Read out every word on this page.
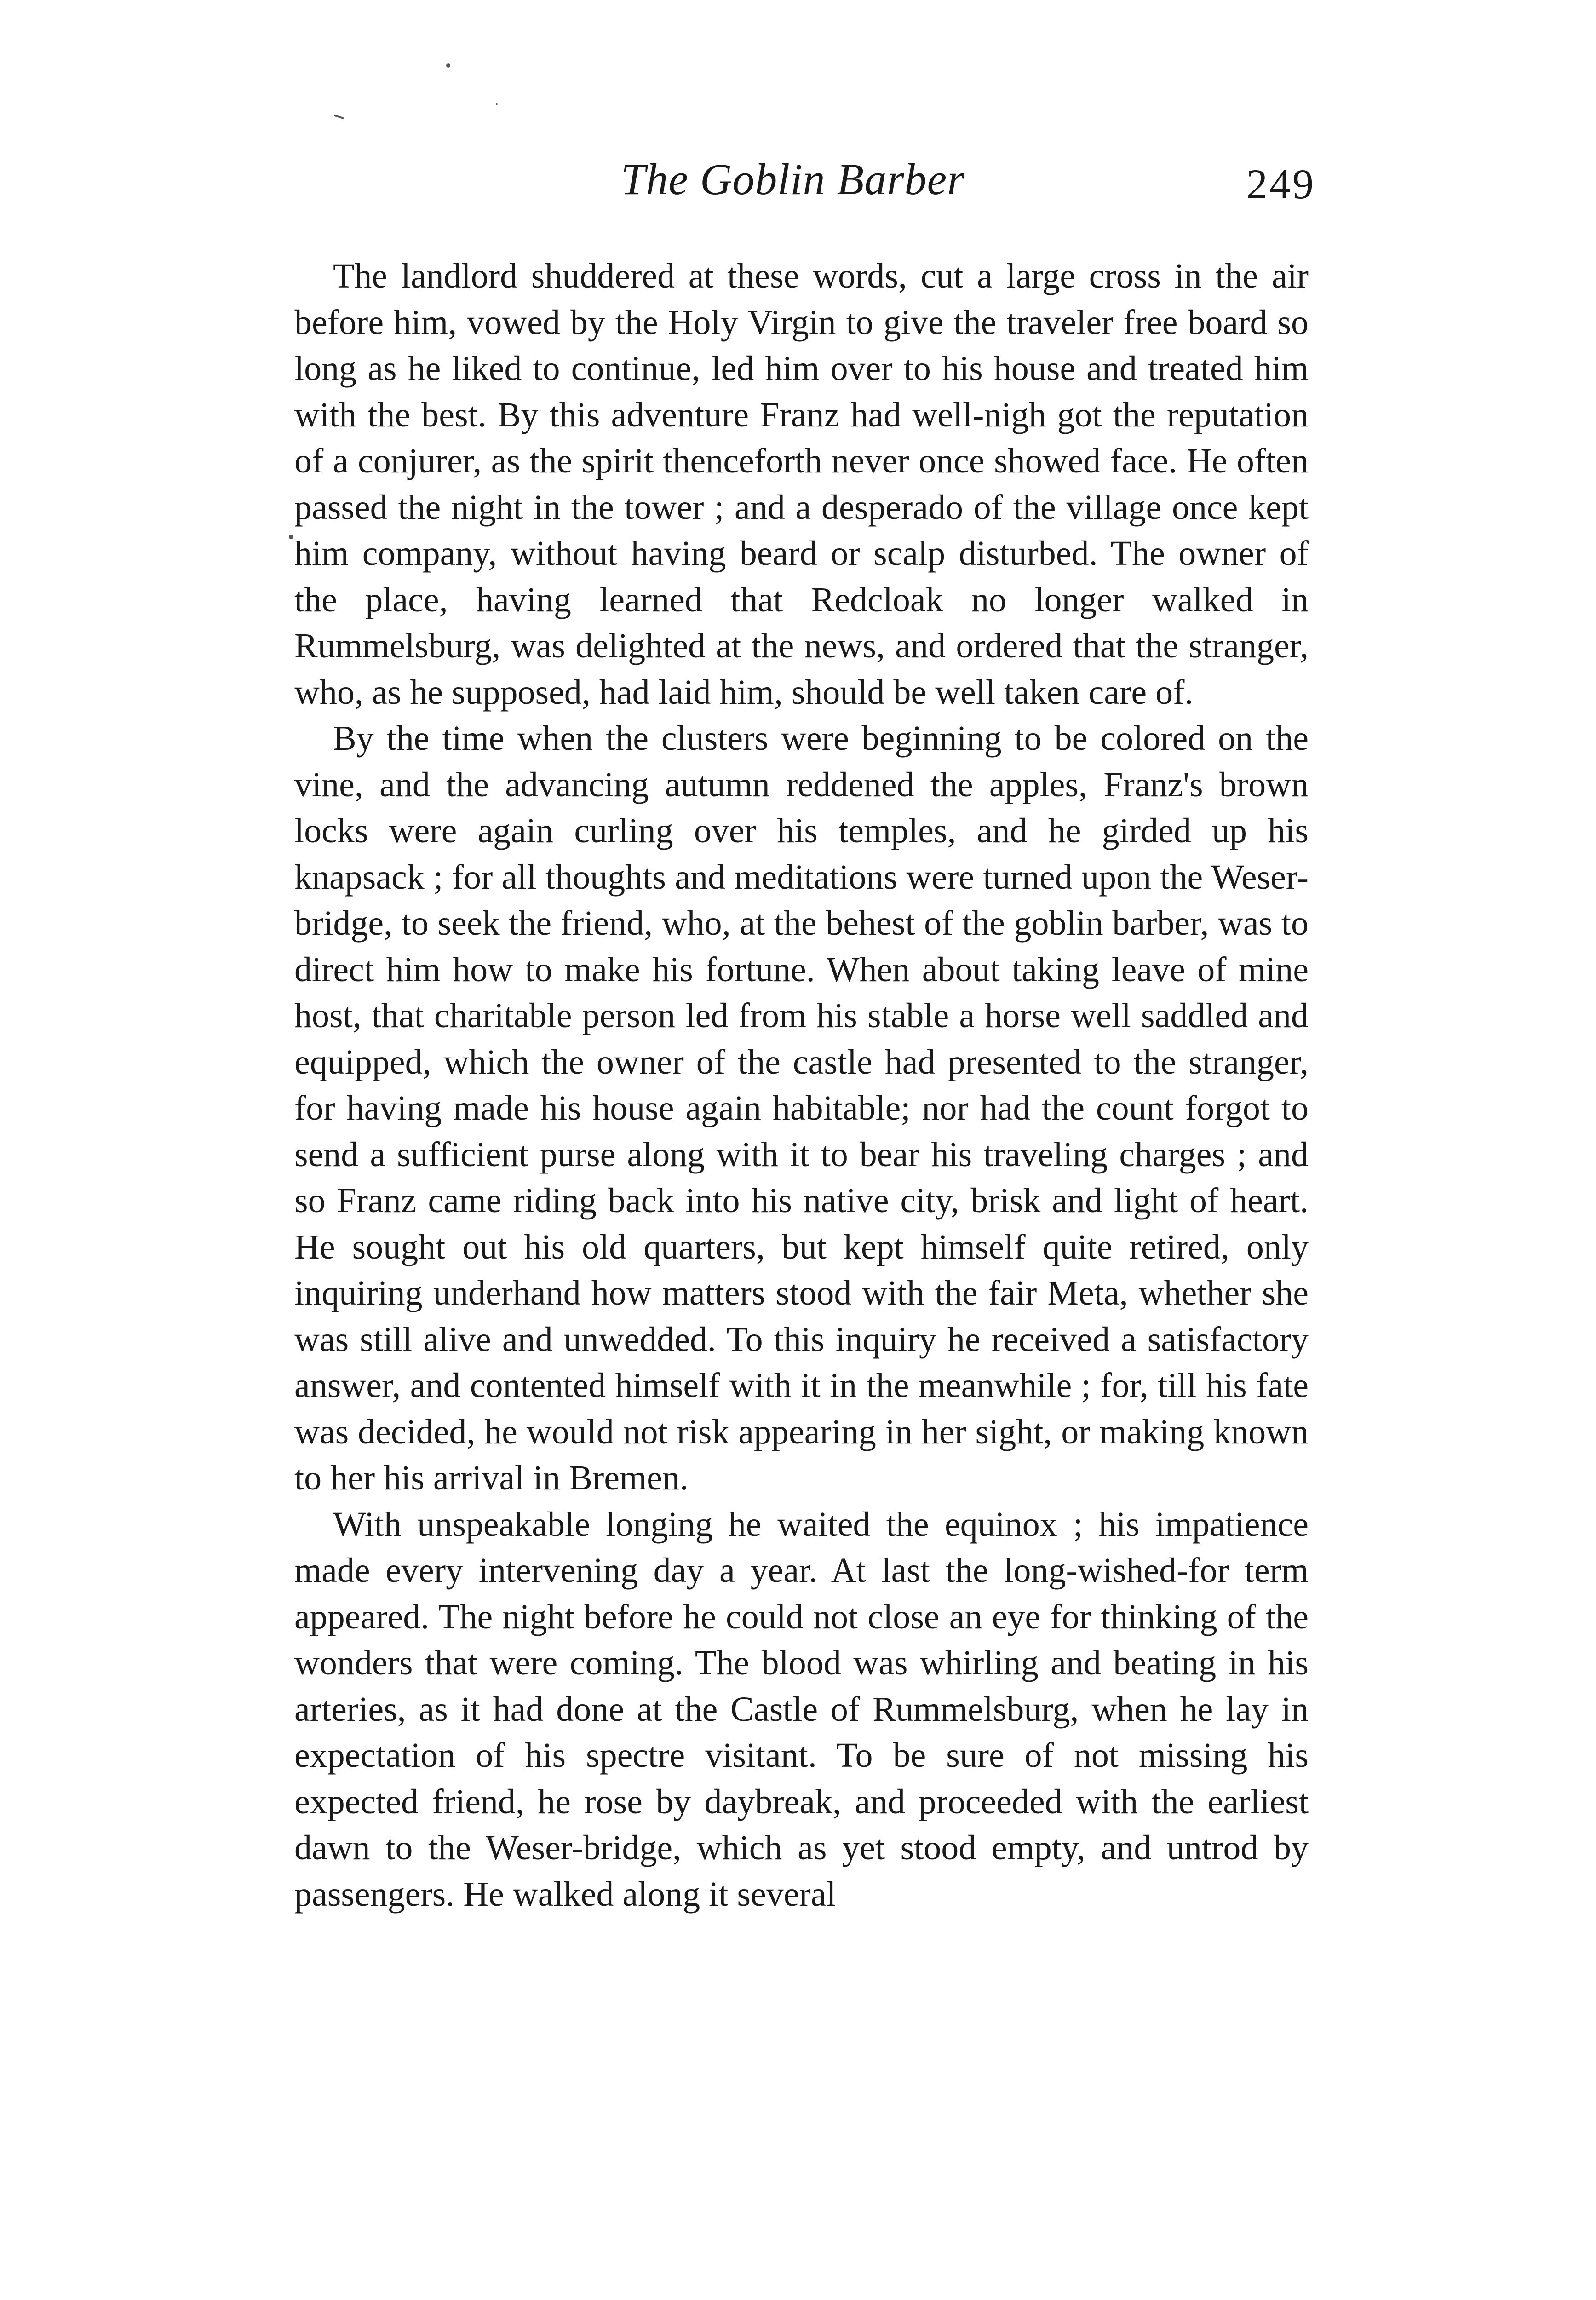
The Goblin Barber	249

The landlord shuddered at these words, cut a large cross in the air before him, vowed by the Holy Virgin to give the traveler free board so long as he liked to continue, led him over to his house and treated him with the best. By this adventure Franz had well-nigh got the reputation of a conjurer, as the spirit thenceforth never once showed face. He often passed the night in the tower ; and a desperado of the village once kept him company, without having beard or scalp disturbed. The owner of the place, having learned that Redcloak no longer walked in Rummelsburg, was delighted at the news, and ordered that the stranger, who, as he supposed, had laid him, should be well taken care of.

By the time when the clusters were beginning to be colored on the vine, and the advancing autumn reddened the apples, Franz's brown locks were again curling over his temples, and he girded up his knapsack ; for all thoughts and meditations were turned upon the Weser-bridge, to seek the friend, who, at the behest of the goblin barber, was to direct him how to make his fortune. When about taking leave of mine host, that charitable person led from his stable a horse well saddled and equipped, which the owner of the castle had presented to the stranger, for having made his house again habitable; nor had the count forgot to send a sufficient purse along with it to bear his traveling charges ; and so Franz came riding back into his native city, brisk and light of heart. He sought out his old quarters, but kept himself quite retired, only inquiring underhand how matters stood with the fair Meta, whether she was still alive and unwedded. To this inquiry he received a satisfactory answer, and contented himself with it in the meanwhile ; for, till his fate was decided, he would not risk appearing in her sight, or making known to her his arrival in Bremen.

With unspeakable longing he waited the equinox ; his impatience made every intervening day a year. At last the long-wished-for term appeared. The night before he could not close an eye for thinking of the wonders that were coming. The blood was whirling and beating in his arteries, as it had done at the Castle of Rummelsburg, when he lay in expectation of his spectre visitant. To be sure of not missing his expected friend, he rose by daybreak, and proceeded with the earliest dawn to the Weser-bridge, which as yet stood empty, and untrod by passengers. He walked along it several
